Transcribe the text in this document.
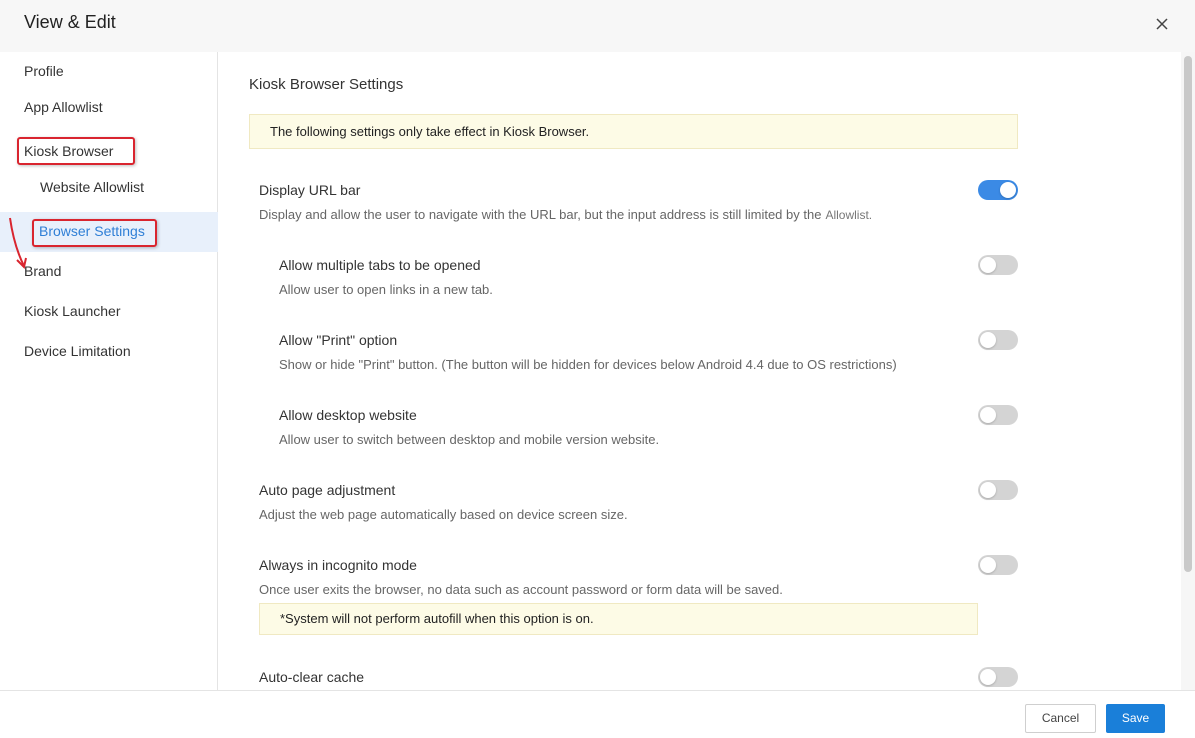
View & Edit
Profile
App Allowlist
Kiosk Browser
Website Allowlist
Browser Settings
Brand
Kiosk Launcher
Device Limitation
Kiosk Browser Settings
The following settings only take effect in Kiosk Browser.
Display URL bar
Display and allow the user to navigate with the URL bar, but the input address is still limited by the Allowlist.
Allow multiple tabs to be opened
Allow user to open links in a new tab.
Allow "Print" option
Show or hide "Print" button. (The button will be hidden for devices below Android 4.4 due to OS restrictions)
Allow desktop website
Allow user to switch between desktop and mobile version website.
Auto page adjustment
Adjust the web page automatically based on device screen size.
Always in incognito mode
Once user exits the browser, no data such as account password or form data will be saved.
*System will not perform autofill when this option is on.
Auto-clear cache
Cancel	Save
